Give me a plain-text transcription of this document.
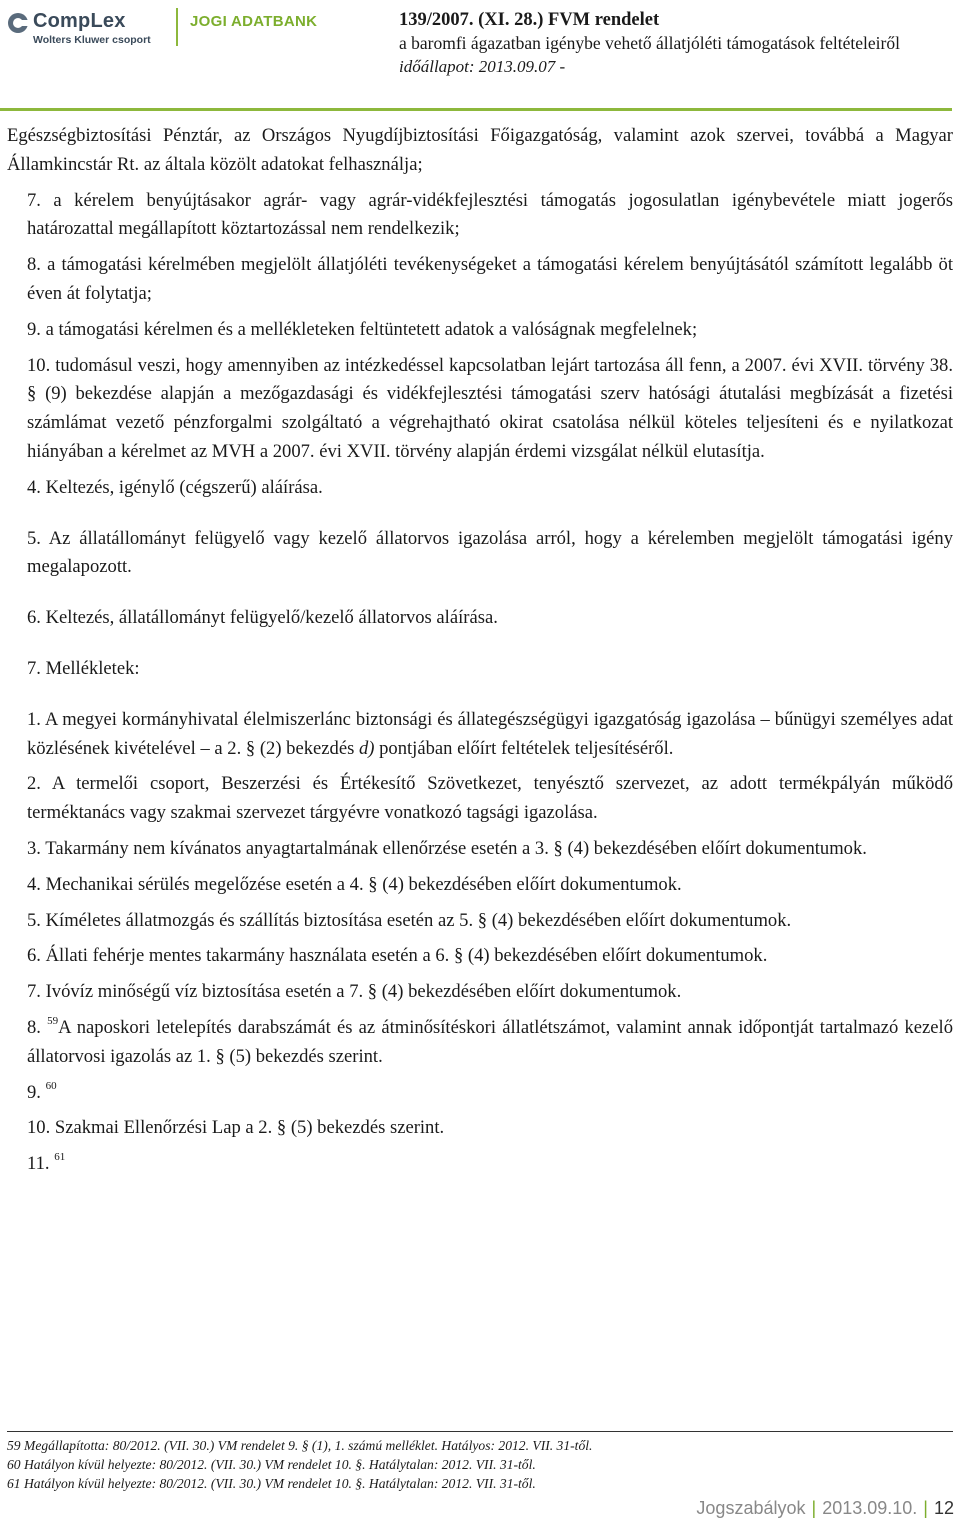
CompLex
Wolters Kluwer csoport
JOGI ADATBANK	139/2007. (XI. 28.) FVM rendelet
a baromfi ágazatban igénybe vehető állatjóléti támogatások feltételeiről
időállapot: 2013.09.07 -

Egészségbiztosítási Pénztár, az Országos Nyugdíjbiztosítási Főigazgatóság, valamint azok szervei, továbbá a Magyar Államkincstár Rt. az általa közölt adatokat felhasználja;

7. a kérelem benyújtásakor agrár- vagy agrár-vidékfejlesztési támogatás jogosulatlan igénybevétele miatt jogerős határozattal megállapított köztartozással nem rendelkezik;

8. a támogatási kérelmében megjelölt állatjóléti tevékenységeket a támogatási kérelem benyújtásától számított legalább öt éven át folytatja;

9. a támogatási kérelmen és a mellékleteken feltüntetett adatok a valóságnak megfelelnek;

10. tudomásul veszi, hogy amennyiben az intézkedéssel kapcsolatban lejárt tartozása áll fenn, a 2007. évi XVII. törvény 38. § (9) bekezdése alapján a mezőgazdasági és vidékfejlesztési támogatási szerv hatósági átutalási megbízását a fizetési számlámat vezető pénzforgalmi szolgáltató a végrehajtható okirat csatolása nélkül köteles teljesíteni és e nyilatkozat hiányában a kérelmet az MVH a 2007. évi XVII. törvény alapján érdemi vizsgálat nélkül elutasítja.

4. Keltezés, igénylő (cégszerű) aláírása.

5. Az állatállományt felügyelő vagy kezelő állatorvos igazolása arról, hogy a kérelemben megjelölt támogatási igény megalapozott.

6. Keltezés, állatállományt felügyelő/kezelő állatorvos aláírása.

7. Mellékletek:

1. A megyei kormányhivatal élelmiszerlánc biztonsági és állategészségügyi igazgatóság igazolása – bűnügyi személyes adat közlésének kivételével – a 2. § (2) bekezdés d) pontjában előírt feltételek teljesítéséről.

2. A termelői csoport, Beszerzési és Értékesítő Szövetkezet, tenyésztő szervezet, az adott termékpályán működő terméktanács vagy szakmai szervezet tárgyévre vonatkozó tagsági igazolása.

3. Takarmány nem kívánatos anyagtartalmának ellenőrzése esetén a 3. § (4) bekezdésében előírt dokumentumok.

4. Mechanikai sérülés megelőzése esetén a 4. § (4) bekezdésében előírt dokumentumok.

5. Kíméletes állatmozgás és szállítás biztosítása esetén az 5. § (4) bekezdésében előírt dokumentumok.

6. Állati fehérje mentes takarmány használata esetén a 6. § (4) bekezdésében előírt dokumentumok.

7. Ivóvíz minőségű víz biztosítása esetén a 7. § (4) bekezdésében előírt dokumentumok.

8. $^{59}$A naposkori letelepítés darabszámát és az átminősítéskori állatlétszámot, valamint annak időpontját tartalmazó kezelő állatorvosi igazolás az 1. § (5) bekezdés szerint.

9. $^{60}$

10. Szakmai Ellenőrzési Lap a 2. § (5) bekezdés szerint.

11. $^{61}$

59 Megállapította: 80/2012. (VII. 30.) VM rendelet 9. § (1), 1. számú melléklet. Hatályos: 2012. VII. 31-től.
60 Hatályon kívül helyezte: 80/2012. (VII. 30.) VM rendelet 10. §. Hatálytalan: 2012. VII. 31-től.
61 Hatályon kívül helyezte: 80/2012. (VII. 30.) VM rendelet 10. §. Hatálytalan: 2012. VII. 31-től.
Jogszabályok | 2013.09.10. | 12
